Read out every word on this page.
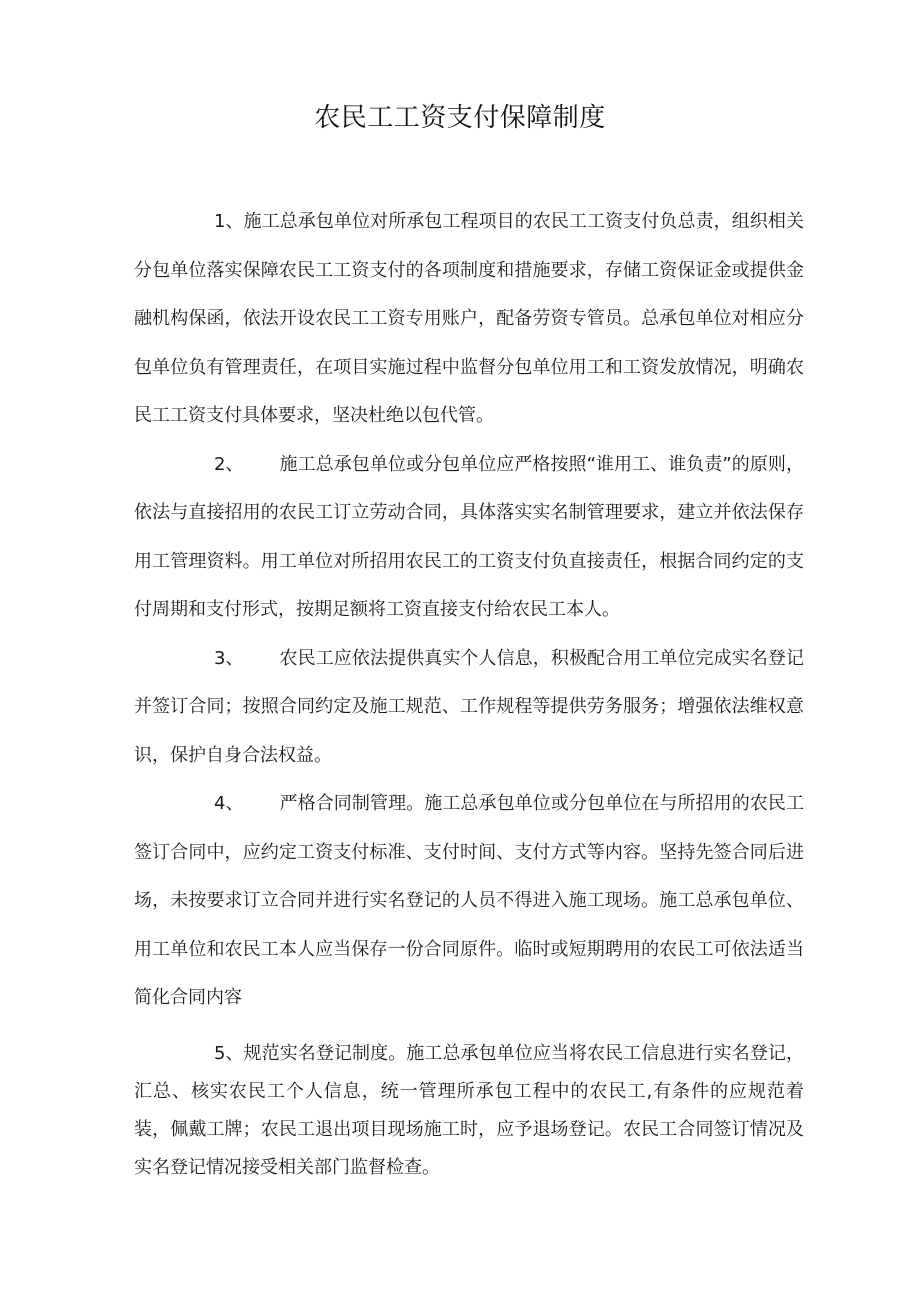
农民工工资支付保障制度

1、施工总承包单位对所承包工程项目的农民工工资支付负总责，组织相关分包单位落实保障农民工工资支付的各项制度和措施要求，存储工资保证金或提供金融机构保函，依法开设农民工工资专用账户，配备劳资专管员。总承包单位对相应分包单位负有管理责任，在项目实施过程中监督分包单位用工和工资发放情况，明确农民工工资支付具体要求，坚决杜绝以包代管。

2、 施工总承包单位或分包单位应严格按照“谁用工、谁负责”的原则，依法与直接招用的农民工订立劳动合同，具体落实实名制管理要求，建立并依法保存用工管理资料。用工单位对所招用农民工的工资支付负直接责任，根据合同约定的支付周期和支付形式，按期足额将工资直接支付给农民工本人。

3、 农民工应依法提供真实个人信息，积极配合用工单位完成实名登记并签订合同；按照合同约定及施工规范、工作规程等提供劳务服务；增强依法维权意识，保护自身合法权益。

4、 严格合同制管理。施工总承包单位或分包单位在与所招用的农民工签订合同中，应约定工资支付标准、支付时间、支付方式等内容。坚持先签合同后进场，未按要求订立合同并进行实名登记的人员不得进入施工现场。施工总承包单位、用工单位和农民工本人应当保存一份合同原件。临时或短期聘用的农民工可依法适当简化合同内容

5、规范实名登记制度。施工总承包单位应当将农民工信息进行实名登记，汇总、核实农民工个人信息，统一管理所承包工程中的农民工,有条件的应规范着装，佩戴工牌；农民工退出项目现场施工时，应予退场登记。农民工合同签订情况及实名登记情况接受相关部门监督检查。
